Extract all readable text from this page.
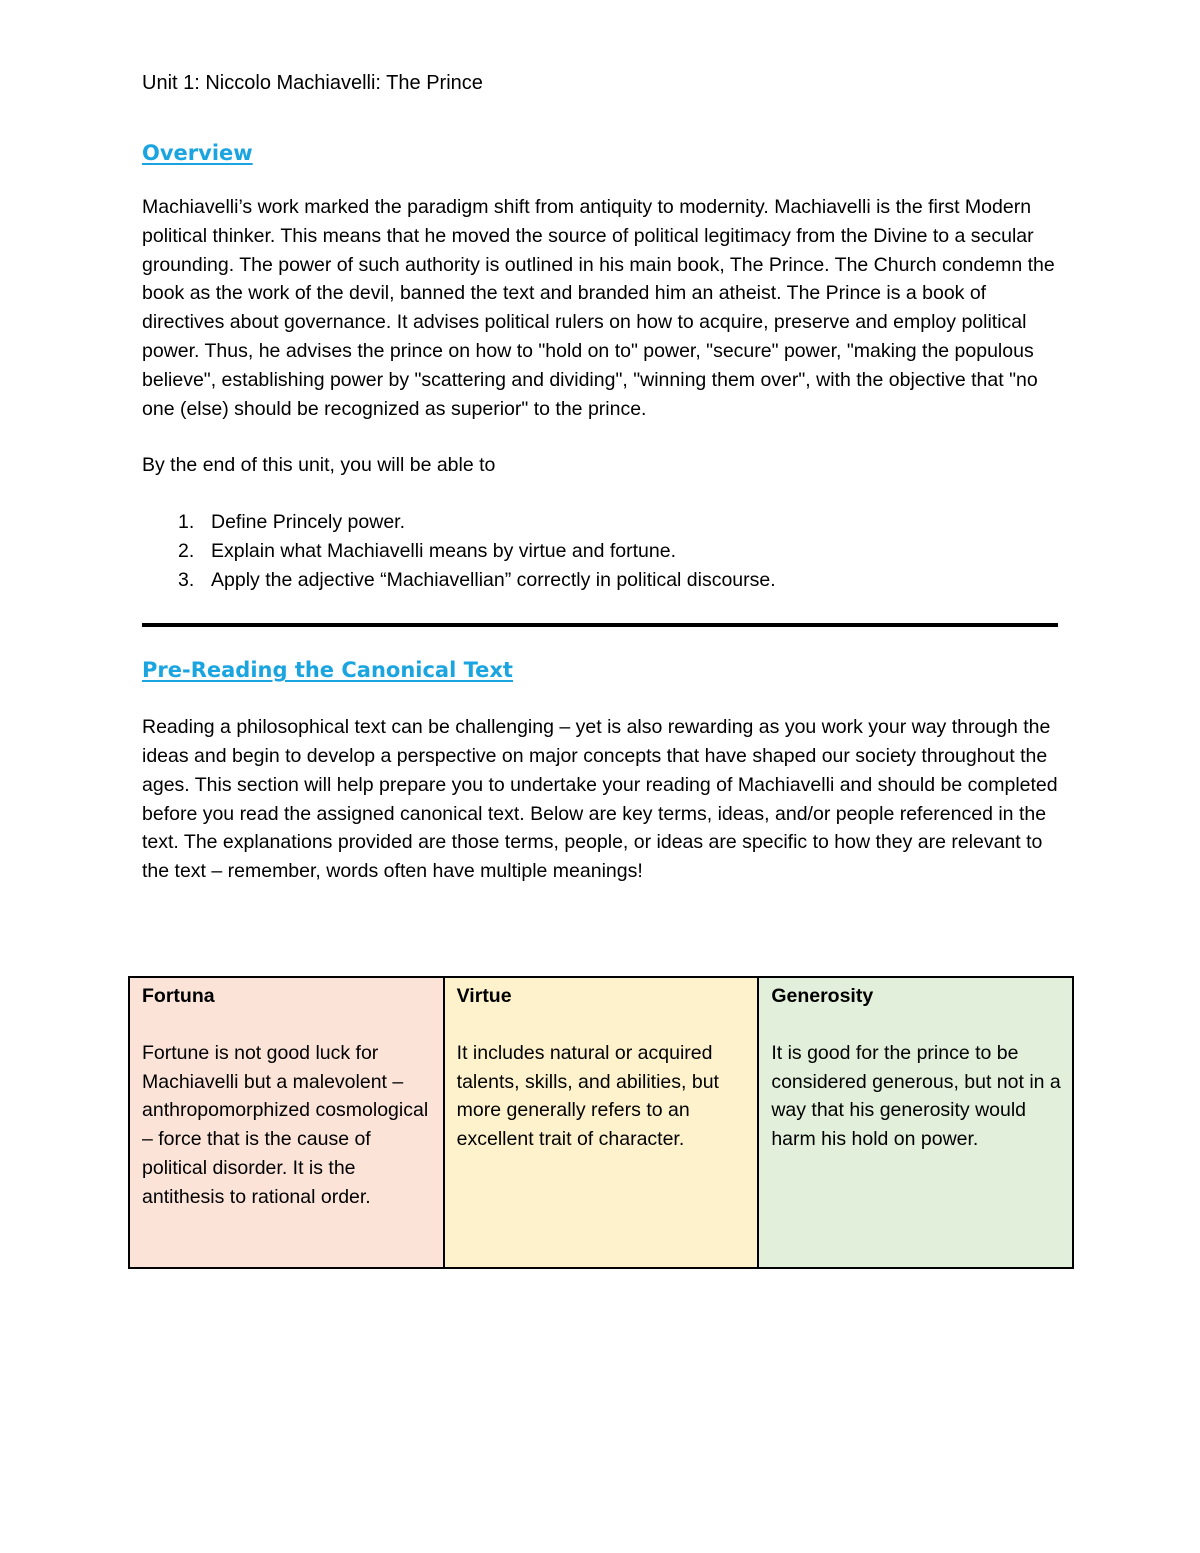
Unit 1: Niccolo Machiavelli: The Prince

Overview

Machiavelli’s work marked the paradigm shift from antiquity to modernity. Machiavelli is the first Modern political thinker. This means that he moved the source of political legitimacy from the Divine to a secular grounding. The power of such authority is outlined in his main book, The Prince. The Church condemn the book as the work of the devil, banned the text and branded him an atheist. The Prince is a book of directives about governance. It advises political rulers on how to acquire, preserve and employ political power. Thus, he advises the prince on how to "hold on to" power, "secure" power, "making the populous believe", establishing power by "scattering and dividing", "winning them over", with the objective that "no one (else) should be recognized as superior" to the prince.

By the end of this unit, you will be able to

1. Define Princely power.
2. Explain what Machiavelli means by virtue and fortune.
3. Apply the adjective “Machiavellian” correctly in political discourse.
Pre-Reading the Canonical Text

Reading a philosophical text can be challenging – yet is also rewarding as you work your way through the ideas and begin to develop a perspective on major concepts that have shaped our society throughout the ages. This section will help prepare you to undertake your reading of Machiavelli and should be completed before you read the assigned canonical text. Below are key terms, ideas, and/or people referenced in the text. The explanations provided are those terms, people, or ideas are specific to how they are relevant to the text – remember, words often have multiple meanings!

Fortuna

Fortune is not good luck for Machiavelli but a malevolent – anthropomorphized cosmological – force that is the cause of political disorder. It is the antithesis to rational order.

Virtue

It includes natural or acquired talents, skills, and abilities, but more generally refers to an excellent trait of character.

Generosity

It is good for the prince to be considered generous, but not in a way that his generosity would harm his hold on power.
